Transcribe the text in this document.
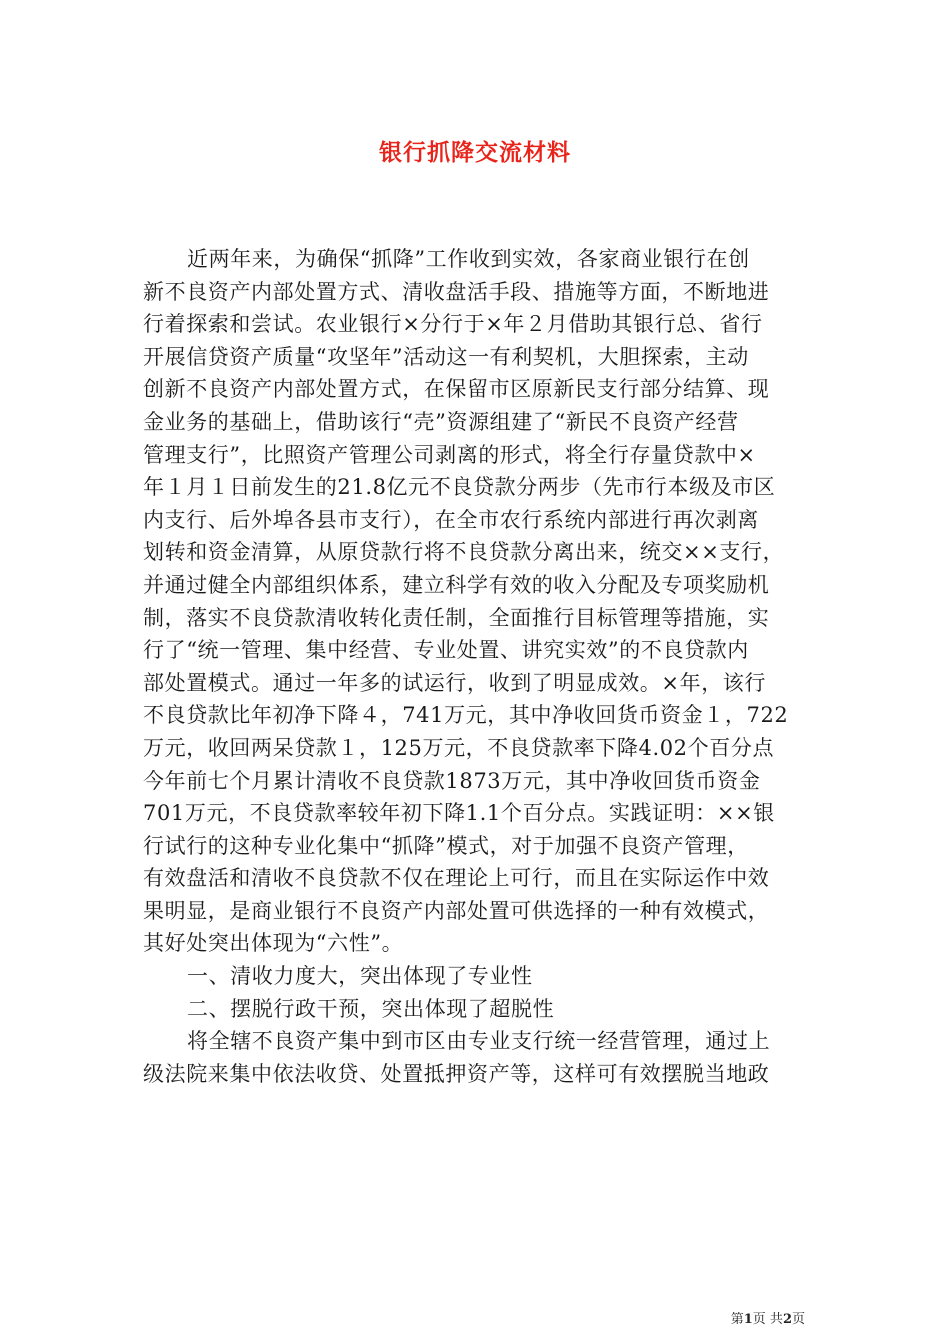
银行抓降交流材料
近两年来，为确保“抓降”工作收到实效，各家商业银行在创
新不良资产内部处置方式、清收盘活手段、措施等方面，不断地进
行着探索和尝试。农业银行×分行于×年２月借助其银行总、省行
开展信贷资产质量“攻坚年”活动这一有利契机，大胆探索，主动
创新不良资产内部处置方式，在保留市区原新民支行部分结算、现
金业务的基础上，借助该行“壳”资源组建了“新民不良资产经营
管理支行”，比照资产管理公司剥离的形式，将全行存量贷款中×
年１月１日前发生的21.8亿元不良贷款分两步（先市行本级及市区
内支行、后外埠各县市支行），在全市农行系统内部进行再次剥离
划转和资金清算，从原贷款行将不良贷款分离出来，统交××支行，
并通过健全内部组织体系，建立科学有效的收入分配及专项奖励机
制，落实不良贷款清收转化责任制，全面推行目标管理等措施，实
行了“统一管理、集中经营、专业处置、讲究实效”的不良贷款内
部处置模式。通过一年多的试运行，收到了明显成效。×年，该行
不良贷款比年初净下降４，741万元，其中净收回货币资金１，722
万元，收回两呆贷款１，125万元，不良贷款率下降4.02个百分点
今年前七个月累计清收不良贷款1873万元，其中净收回货币资金
701万元，不良贷款率较年初下降1.1个百分点。实践证明：××银
行试行的这种专业化集中“抓降”模式，对于加强不良资产管理，
有效盘活和清收不良贷款不仅在理论上可行，而且在实际运作中效
果明显，是商业银行不良资产内部处置可供选择的一种有效模式，
其好处突出体现为“六性”。
一、清收力度大，突出体现了专业性
二、摆脱行政干预，突出体现了超脱性
将全辖不良资产集中到市区由专业支行统一经营管理，通过上
级法院来集中依法收贷、处置抵押资产等，这样可有效摆脱当地政
第1页 共2页
